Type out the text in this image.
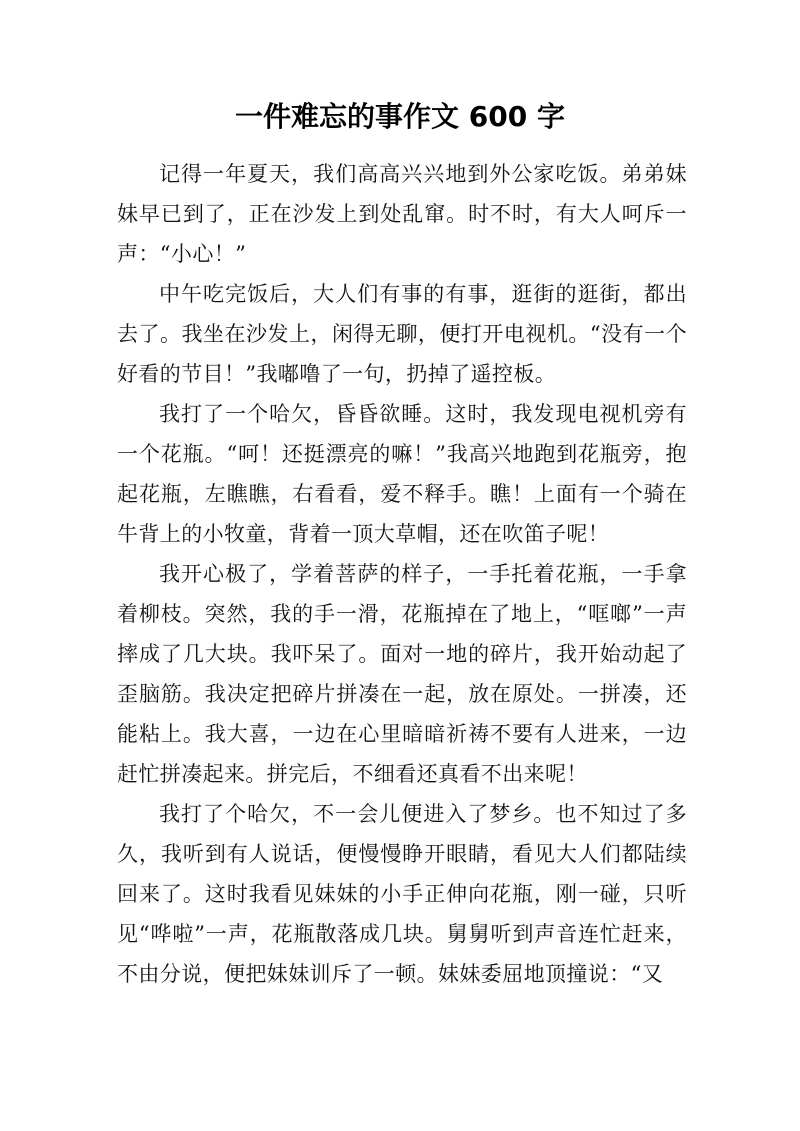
一件难忘的事作文 600 字

记得一年夏天，我们高高兴兴地到外公家吃饭。弟弟妹妹早已到了，正在沙发上到处乱窜。时不时，有大人呵斥一声：“小心！”

中午吃完饭后，大人们有事的有事，逛街的逛街，都出去了。我坐在沙发上，闲得无聊，便打开电视机。“没有一个好看的节目！”我嘟噜了一句，扔掉了遥控板。

我打了一个哈欠，昏昏欲睡。这时，我发现电视机旁有一个花瓶。“呵！还挺漂亮的嘛！”我高兴地跑到花瓶旁，抱起花瓶，左瞧瞧，右看看，爱不释手。瞧！上面有一个骑在牛背上的小牧童，背着一顶大草帽，还在吹笛子呢！

我开心极了，学着菩萨的样子，一手托着花瓶，一手拿着柳枝。突然，我的手一滑，花瓶掉在了地上，“哐啷”一声摔成了几大块。我吓呆了。面对一地的碎片，我开始动起了歪脑筋。我决定把碎片拼凑在一起，放在原处。一拼凑，还能粘上。我大喜，一边在心里暗暗祈祷不要有人进来，一边赶忙拼凑起来。拼完后，不细看还真看不出来呢！

我打了个哈欠，不一会儿便进入了梦乡。也不知过了多久，我听到有人说话，便慢慢睁开眼睛，看见大人们都陆续回来了。这时我看见妹妹的小手正伸向花瓶，刚一碰，只听见“哗啦”一声，花瓶散落成几块。舅舅听到声音连忙赶来，不由分说，便把妹妹训斥了一顿。妹妹委屈地顶撞说：“又
